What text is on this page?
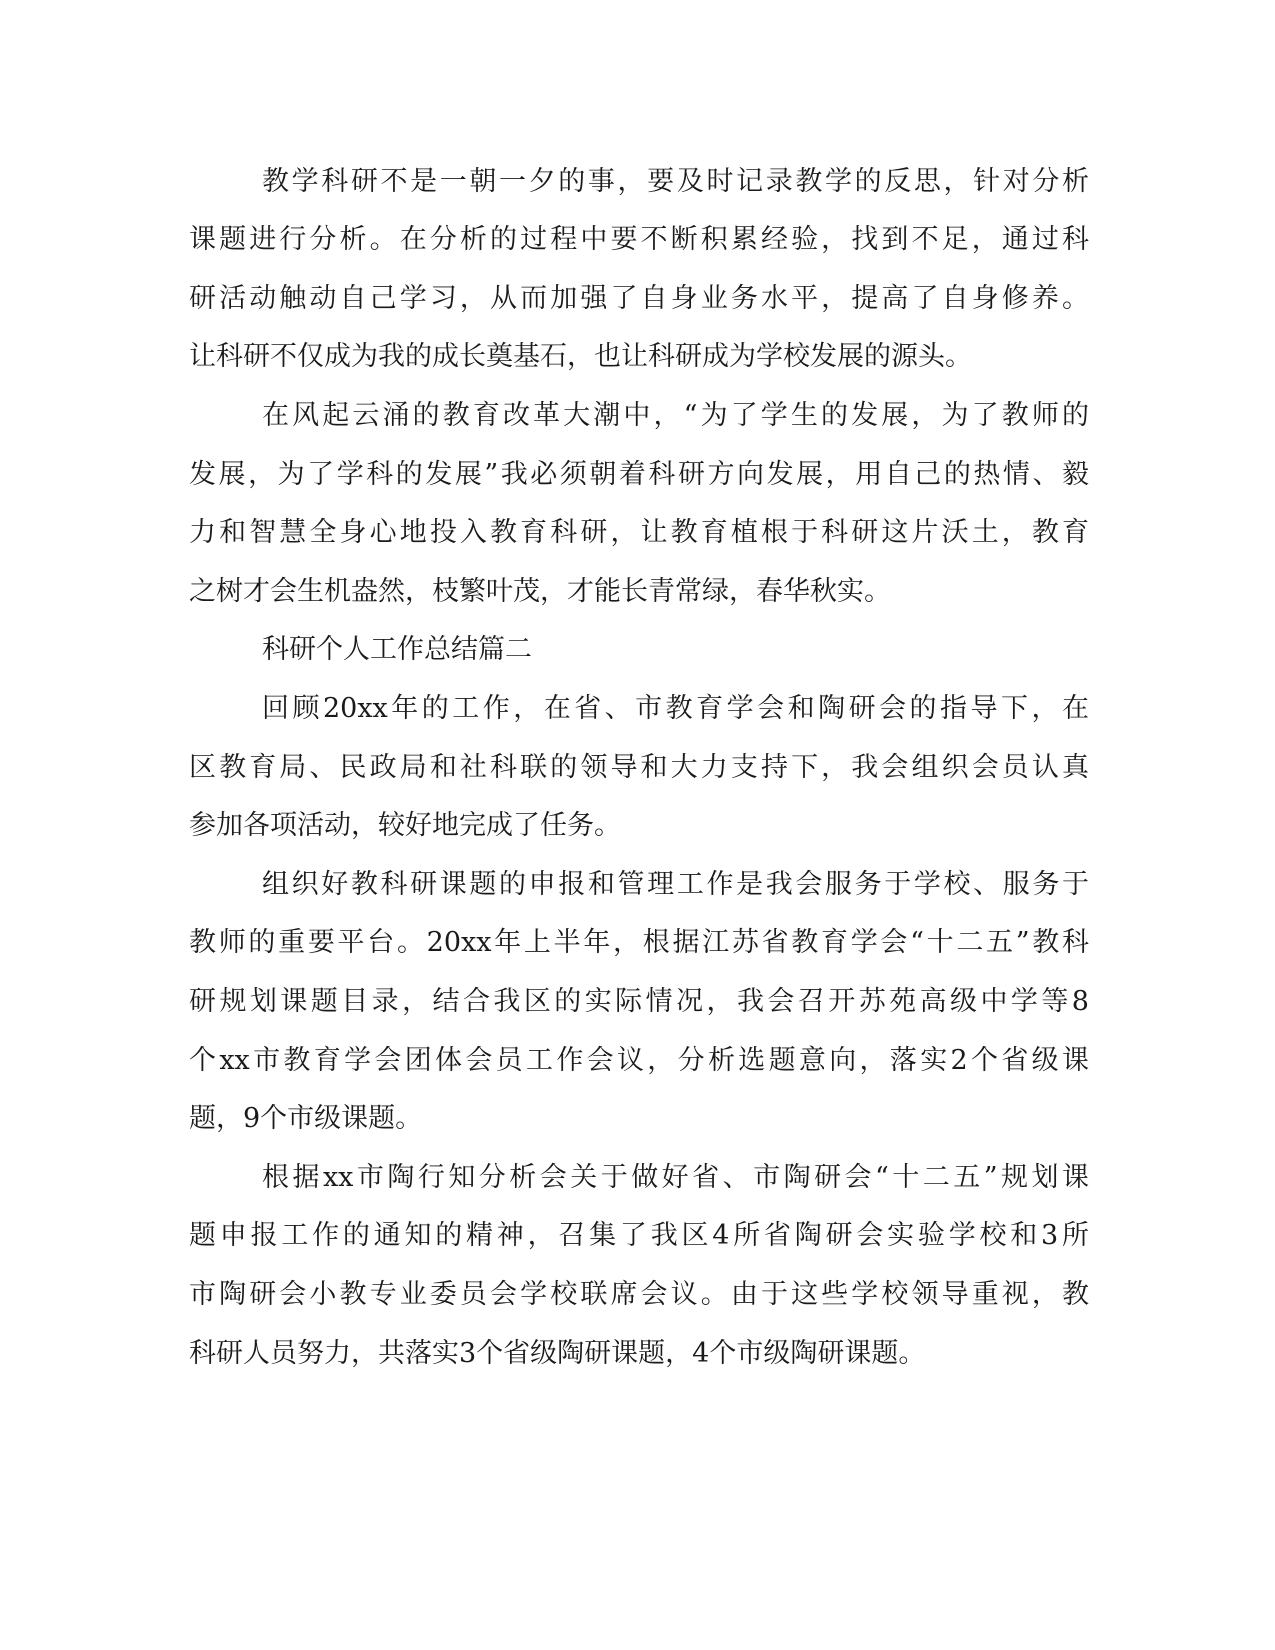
教学科研不是一朝一夕的事，要及时记录教学的反思，针对分析
课题进行分析。在分析的过程中要不断积累经验，找到不足，通过科
研活动触动自己学习，从而加强了自身业务水平，提高了自身修养。
让科研不仅成为我的成长奠基石，也让科研成为学校发展的源头。
在风起云涌的教育改革大潮中，“为了学生的发展，为了教师的
发展，为了学科的发展”我必须朝着科研方向发展，用自己的热情、毅
力和智慧全身心地投入教育科研，让教育植根于科研这片沃土，教育
之树才会生机盎然，枝繁叶茂，才能长青常绿，春华秋实。
科研个人工作总结篇二
回顾20xx年的工作，在省、市教育学会和陶研会的指导下，在
区教育局、民政局和社科联的领导和大力支持下，我会组织会员认真
参加各项活动，较好地完成了任务。
组织好教科研课题的申报和管理工作是我会服务于学校、服务于
教师的重要平台。20xx年上半年，根据江苏省教育学会“十二五”教科
研规划课题目录，结合我区的实际情况，我会召开苏苑高级中学等8
个xx市教育学会团体会员工作会议，分析选题意向，落实2个省级课
题，9个市级课题。
根据xx市陶行知分析会关于做好省、市陶研会“十二五”规划课
题申报工作的通知的精神，召集了我区4所省陶研会实验学校和3所
市陶研会小教专业委员会学校联席会议。由于这些学校领导重视，教
科研人员努力，共落实3个省级陶研课题，4个市级陶研课题。
